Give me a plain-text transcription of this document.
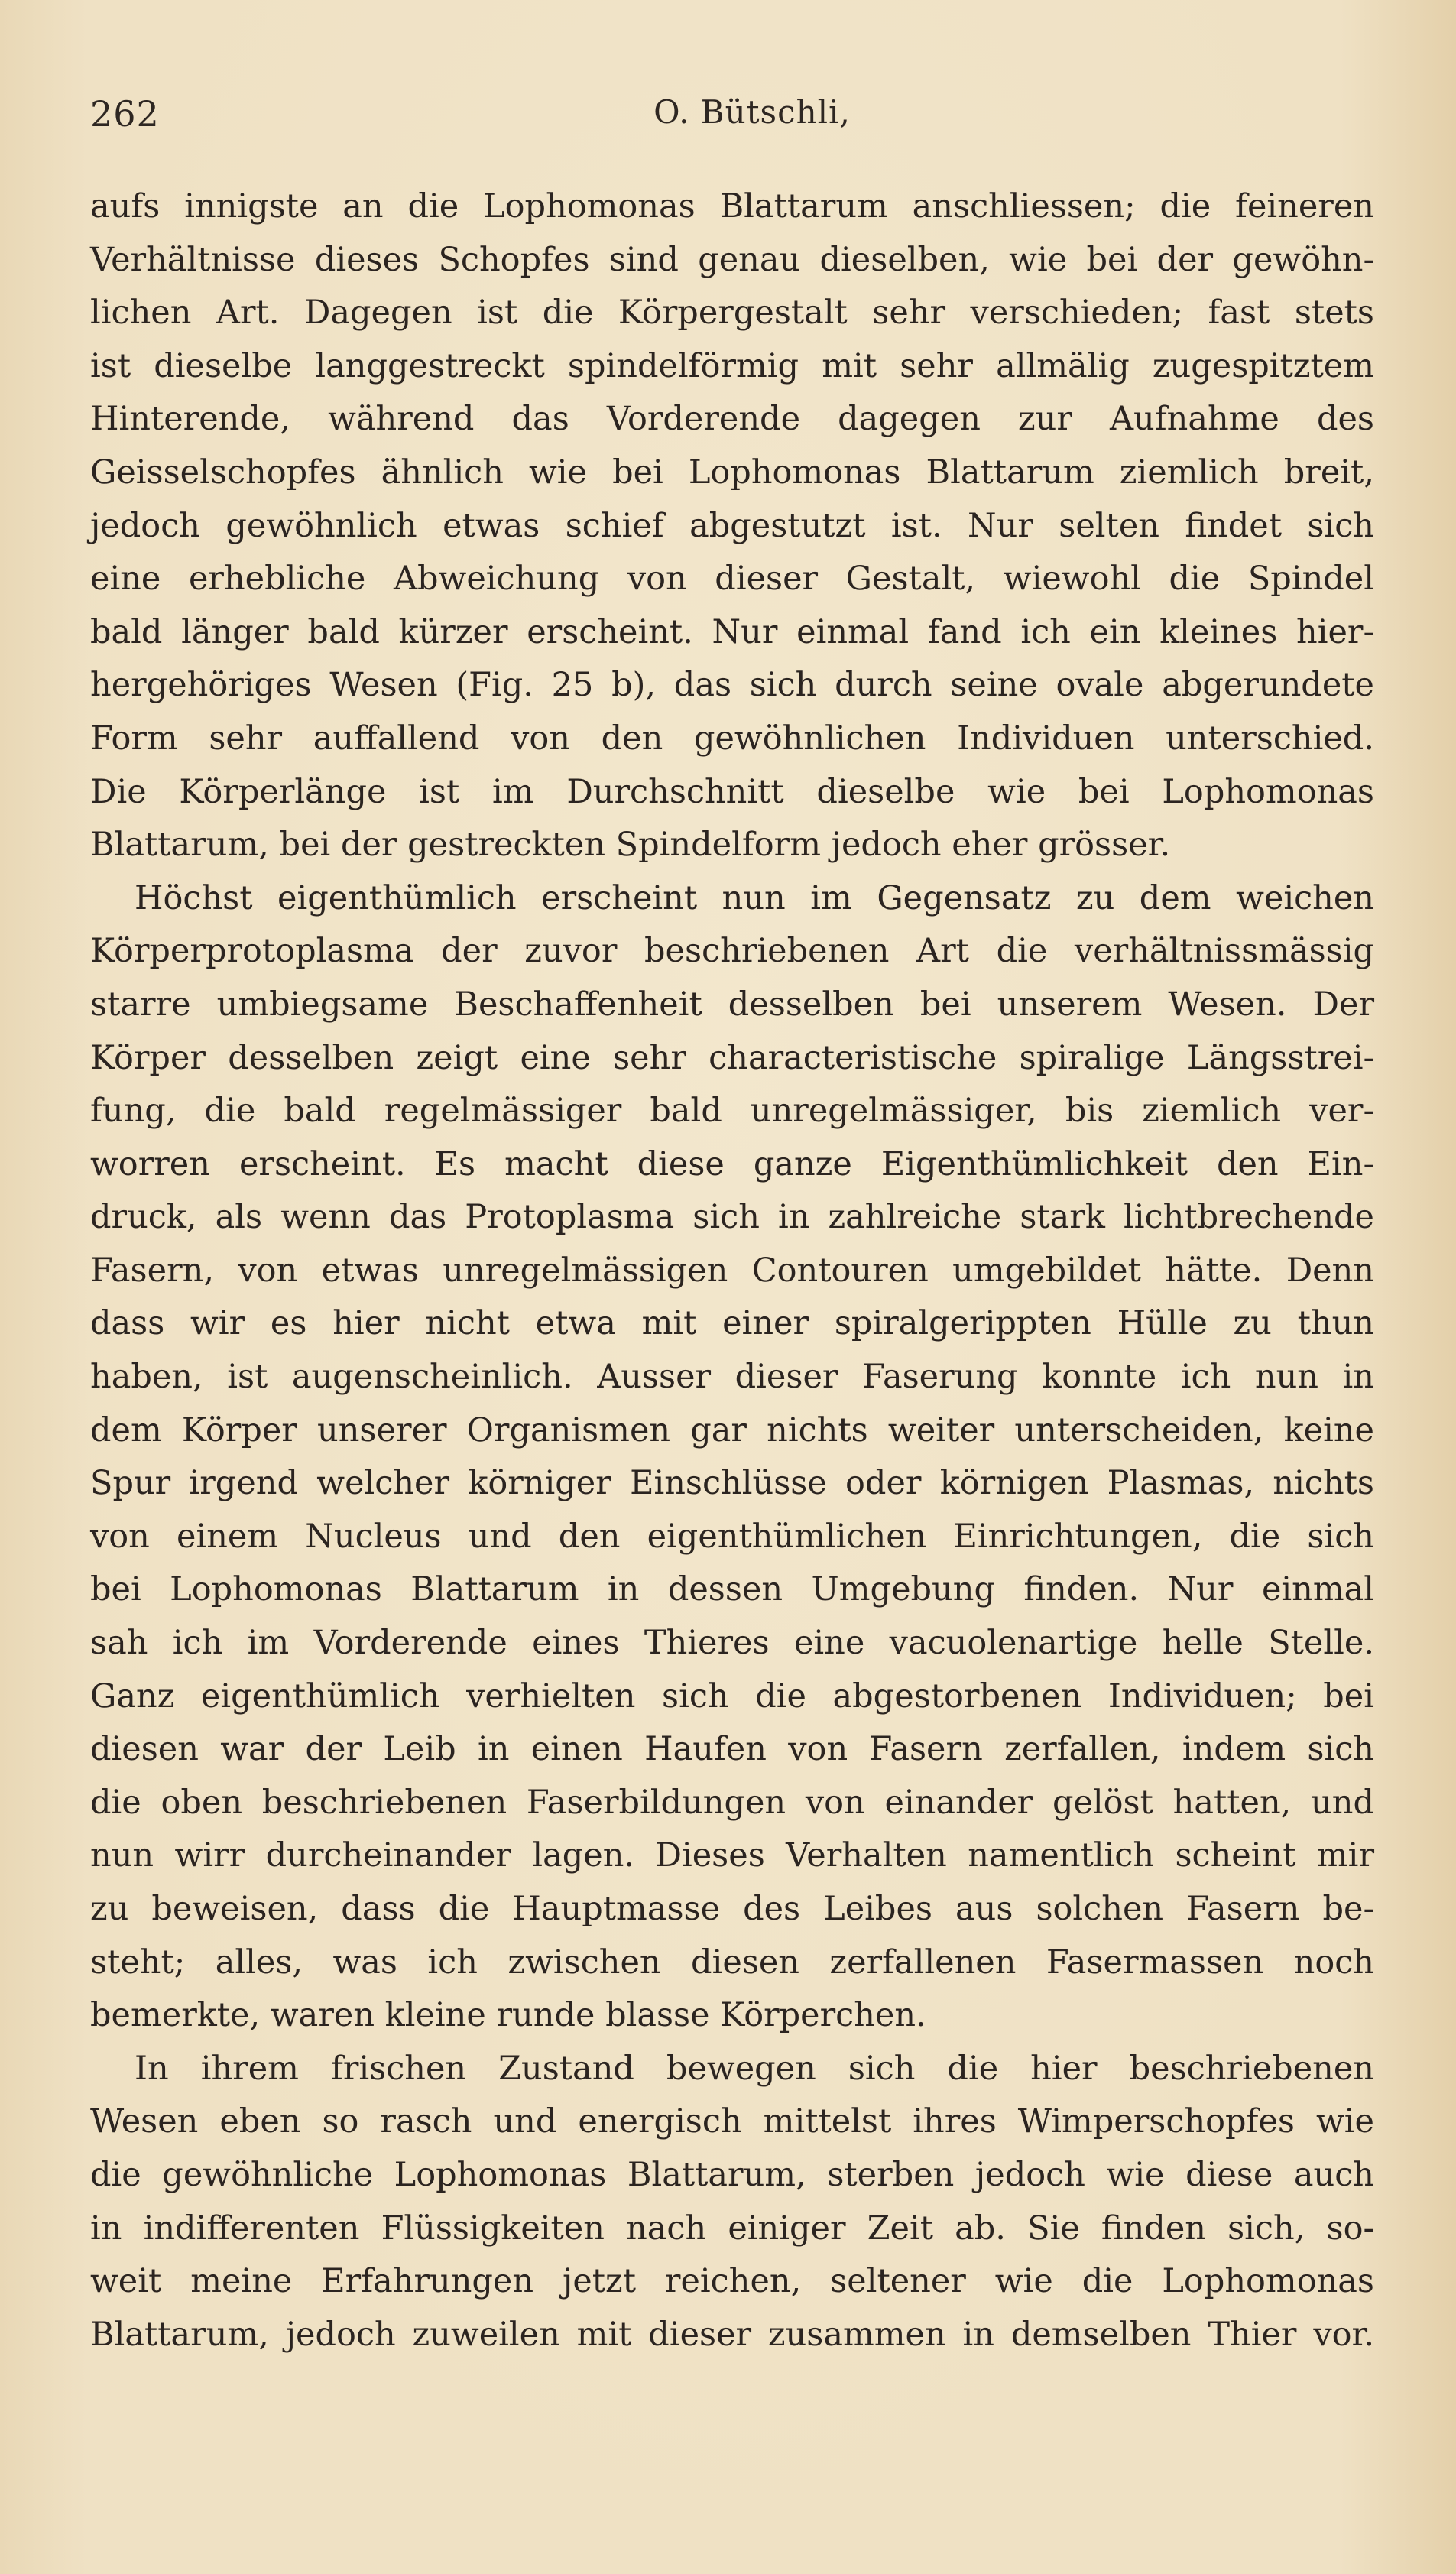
262	O. Bütschli,
aufs innigste an die Lophomonas Blattarum anschliessen; die feineren
Verhältnisse dieses Schopfes sind genau dieselben, wie bei der gewöhn-
lichen Art. Dagegen ist die Körpergestalt sehr verschieden; fast stets
ist dieselbe langgestreckt spindelförmig mit sehr allmälig zugespitztem
Hinterende, während das Vorderende dagegen zur Aufnahme des
Geisselschopfes ähnlich wie bei Lophomonas Blattarum ziemlich breit,
jedoch gewöhnlich etwas schief abgestutzt ist. Nur selten findet sich
eine erhebliche Abweichung von dieser Gestalt, wiewohl die Spindel
bald länger bald kürzer erscheint. Nur einmal fand ich ein kleines hier-
hergehöriges Wesen (Fig. 25 b), das sich durch seine ovale abgerundete
Form sehr auffallend von den gewöhnlichen Individuen unterschied.
Die Körperlänge ist im Durchschnitt dieselbe wie bei Lophomonas
Blattarum, bei der gestreckten Spindelform jedoch eher grösser.
Höchst eigenthümlich erscheint nun im Gegensatz zu dem weichen
Körperprotoplasma der zuvor beschriebenen Art die verhältnissmässig
starre umbiegsame Beschaffenheit desselben bei unserem Wesen. Der
Körper desselben zeigt eine sehr characteristische spiralige Längsstrei-
fung, die bald regelmässiger bald unregelmässiger, bis ziemlich ver-
worren erscheint. Es macht diese ganze Eigenthümlichkeit den Ein-
druck, als wenn das Protoplasma sich in zahlreiche stark lichtbrechende
Fasern, von etwas unregelmässigen Contouren umgebildet hätte. Denn
dass wir es hier nicht etwa mit einer spiralgerippten Hülle zu thun
haben, ist augenscheinlich. Ausser dieser Faserung konnte ich nun in
dem Körper unserer Organismen gar nichts weiter unterscheiden, keine
Spur irgend welcher körniger Einschlüsse oder körnigen Plasmas, nichts
von einem Nucleus und den eigenthümlichen Einrichtungen, die sich
bei Lophomonas Blattarum in dessen Umgebung finden. Nur einmal
sah ich im Vorderende eines Thieres eine vacuolenartige helle Stelle.
Ganz eigenthümlich verhielten sich die abgestorbenen Individuen; bei
diesen war der Leib in einen Haufen von Fasern zerfallen, indem sich
die oben beschriebenen Faserbildungen von einander gelöst hatten, und
nun wirr durcheinander lagen. Dieses Verhalten namentlich scheint mir
zu beweisen, dass die Hauptmasse des Leibes aus solchen Fasern be-
steht; alles, was ich zwischen diesen zerfallenen Fasermassen noch
bemerkte, waren kleine runde blasse Körperchen.
In ihrem frischen Zustand bewegen sich die hier beschriebenen
Wesen eben so rasch und energisch mittelst ihres Wimperschopfes wie
die gewöhnliche Lophomonas Blattarum, sterben jedoch wie diese auch
in indifferenten Flüssigkeiten nach einiger Zeit ab. Sie finden sich, so-
weit meine Erfahrungen jetzt reichen, seltener wie die Lophomonas
Blattarum, jedoch zuweilen mit dieser zusammen in demselben Thier vor.
